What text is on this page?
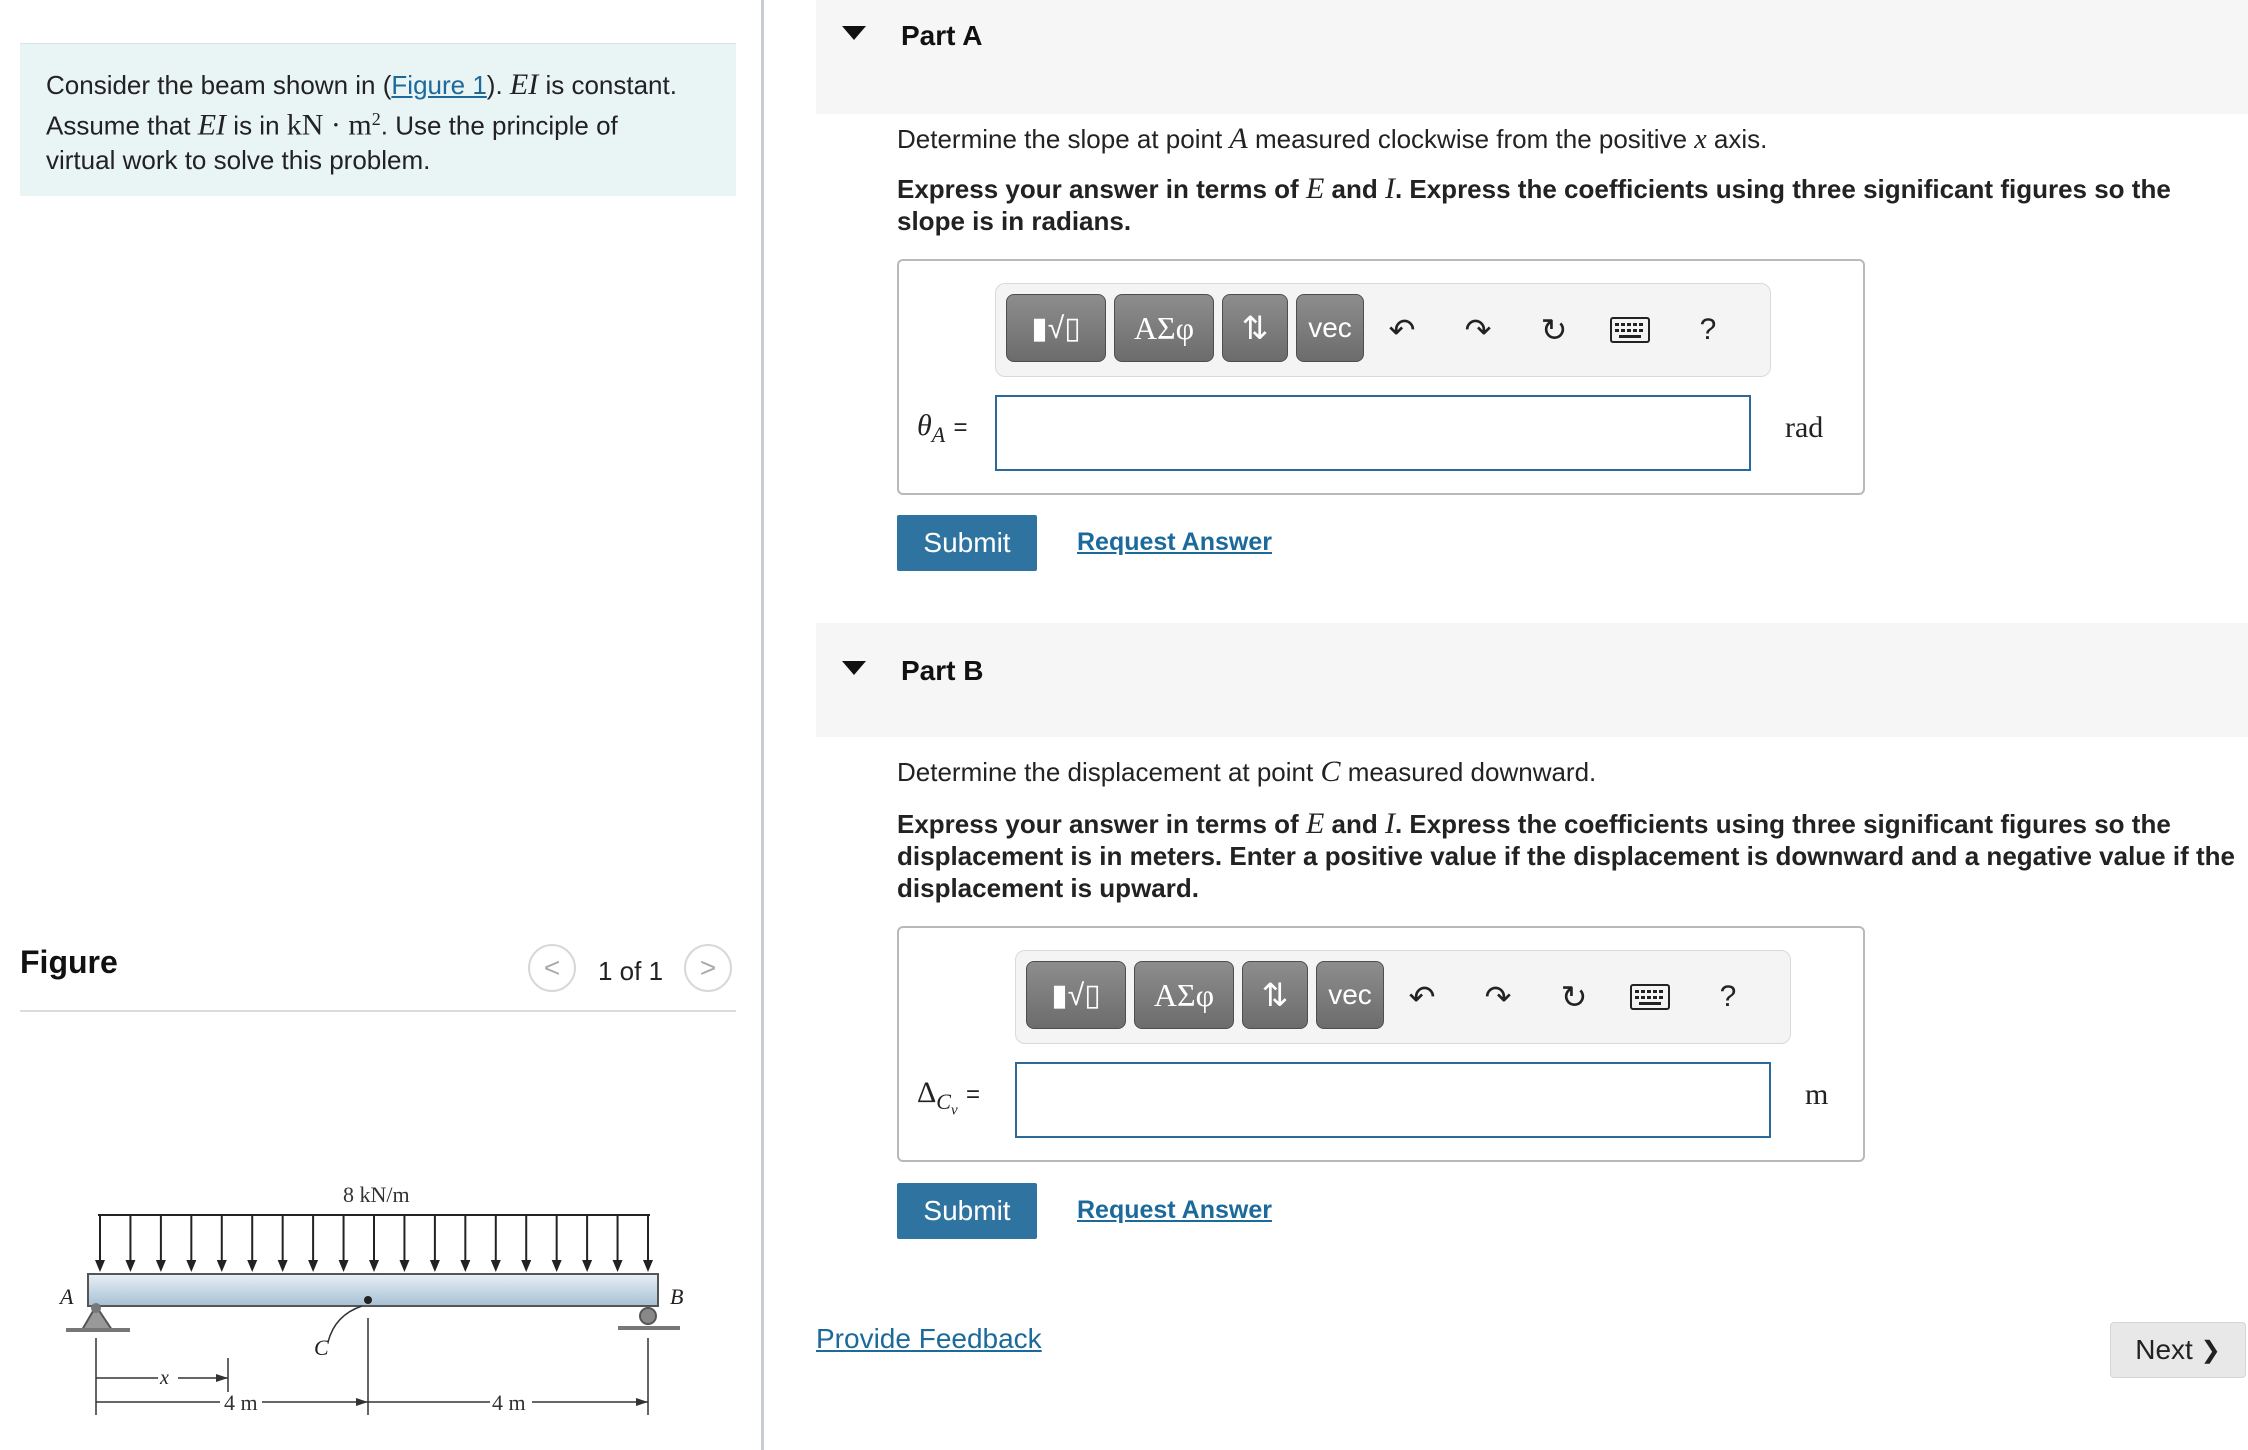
Consider the beam shown in (Figure 1). EI is constant.
Assume that EI is in kN · $m^2$. Use the principle of
virtual work to solve this problem.
Figure	< 1 of 1 >
8 kN/m
A	B
C
x
4 m	4 m
Part A
Determine the slope at point A measured clockwise from the positive x axis.
Express your answer in terms of E and I. Express the coefficients using three significant figures so the
slope is in radians.
▮√▯ ΑΣφ ⇅ vec ↶ ↷ ↻	?
$\theta_A$ =	rad
Submit	Request Answer
Part B
Determine the displacement at point C measured downward.
Express your answer in terms of E and I. Express the coefficients using three significant figures so the
displacement is in meters. Enter a positive value if the displacement is downward and a negative value if the
displacement is upward.
▮√▯ ΑΣφ ⇅ vec ↶ ↷ ↻	?
$\Delta_{C_v}$ =	m
Submit	Request Answer
Provide Feedback	Next
❯
